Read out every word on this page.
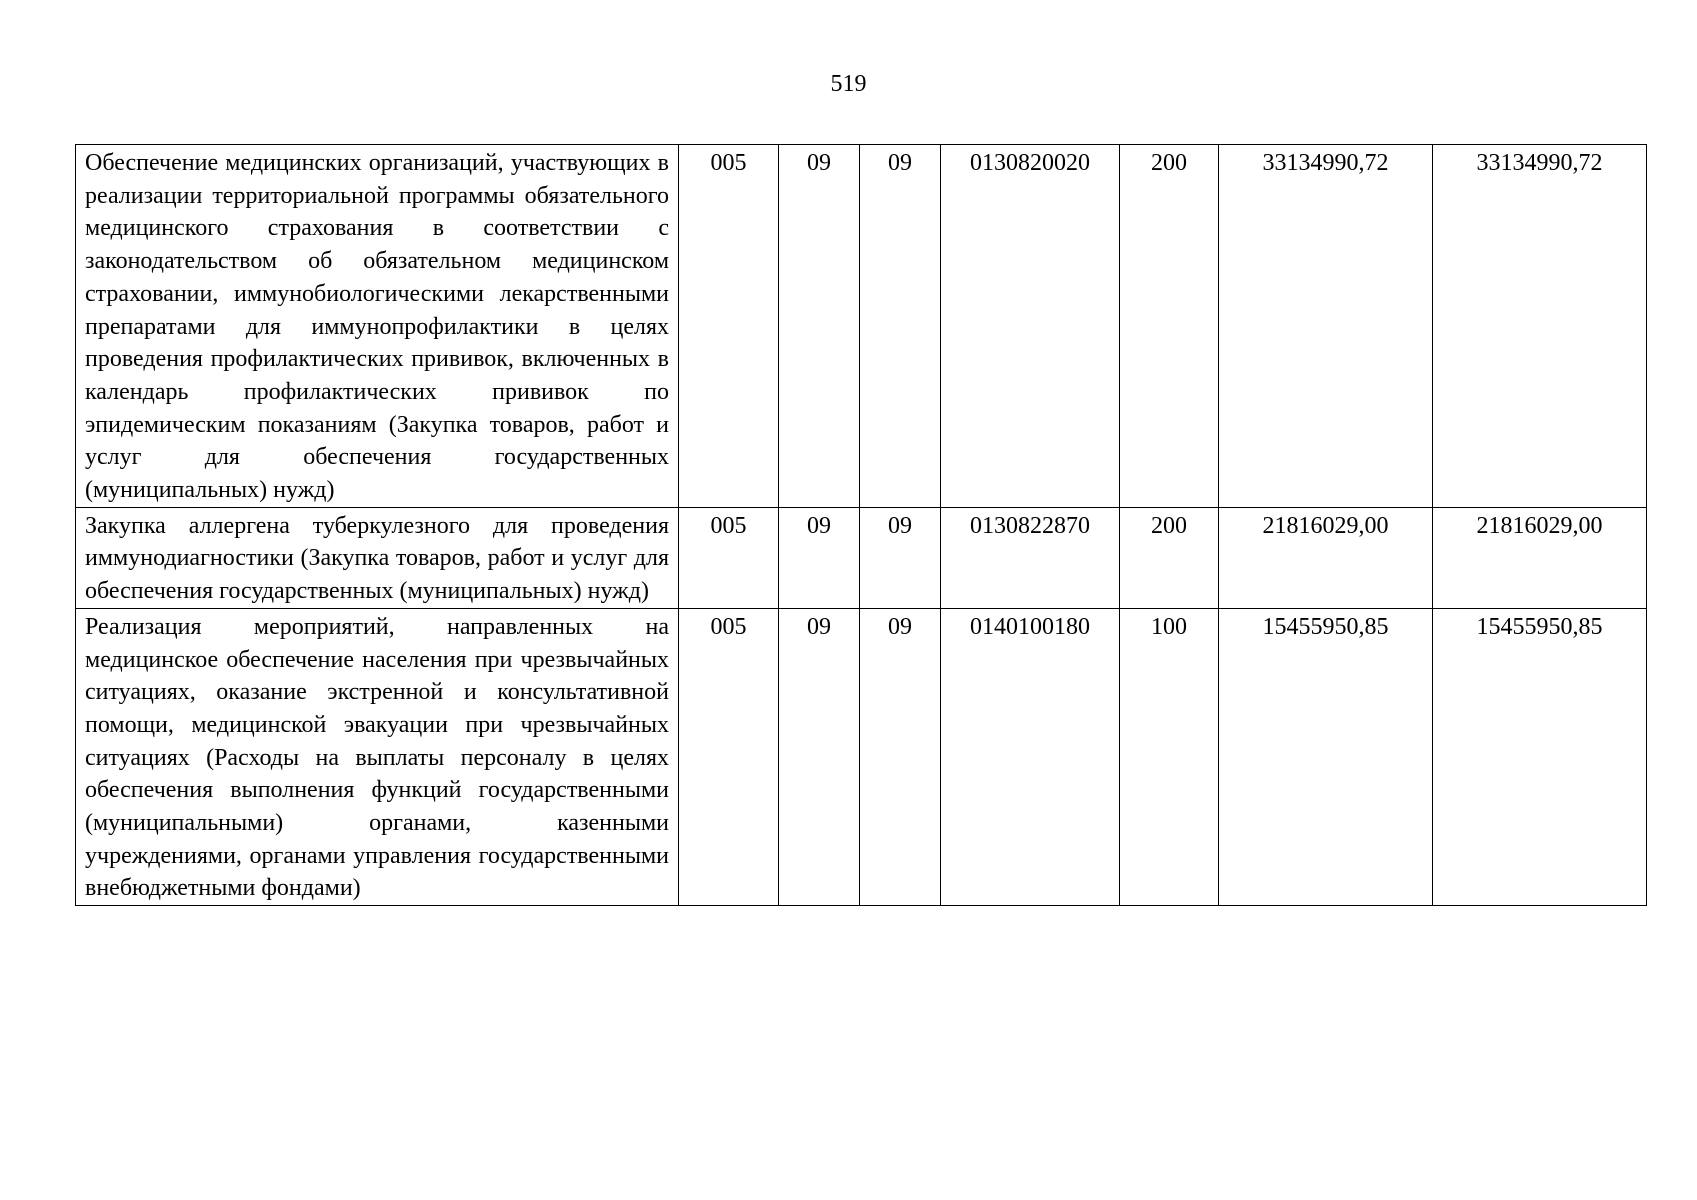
519
Обеспечение медицинских организаций, участвующих в реализации территориальной программы обязательного медицинского страхования в соответствии с законодательством об обязательном медицинском страховании, иммунобиологическими лекарственными препаратами для иммунопрофилактики в целях проведения профилактических прививок, включенных в календарь профилактических прививок по эпидемическим показаниям (Закупка товаров, работ и услуг для обеспечения государственных (муниципальных) нужд)	005	09	09	0130820020	200	33134990,72	33134990,72
Закупка аллергена туберкулезного для проведения иммунодиагностики (Закупка товаров, работ и услуг для обеспечения государственных (муниципальных) нужд)	005	09	09	0130822870	200	21816029,00	21816029,00
Реализация мероприятий, направленных на медицинское обеспечение населения при чрезвычайных ситуациях, оказание экстренной и консультативной помощи, медицинской эвакуации при чрезвычайных ситуациях (Расходы на выплаты персоналу в целях обеспечения выполнения функций государственными (муниципальными) органами, казенными учреждениями, органами управления государственными внебюджетными фондами)	005	09	09	0140100180	100	15455950,85	15455950,85
